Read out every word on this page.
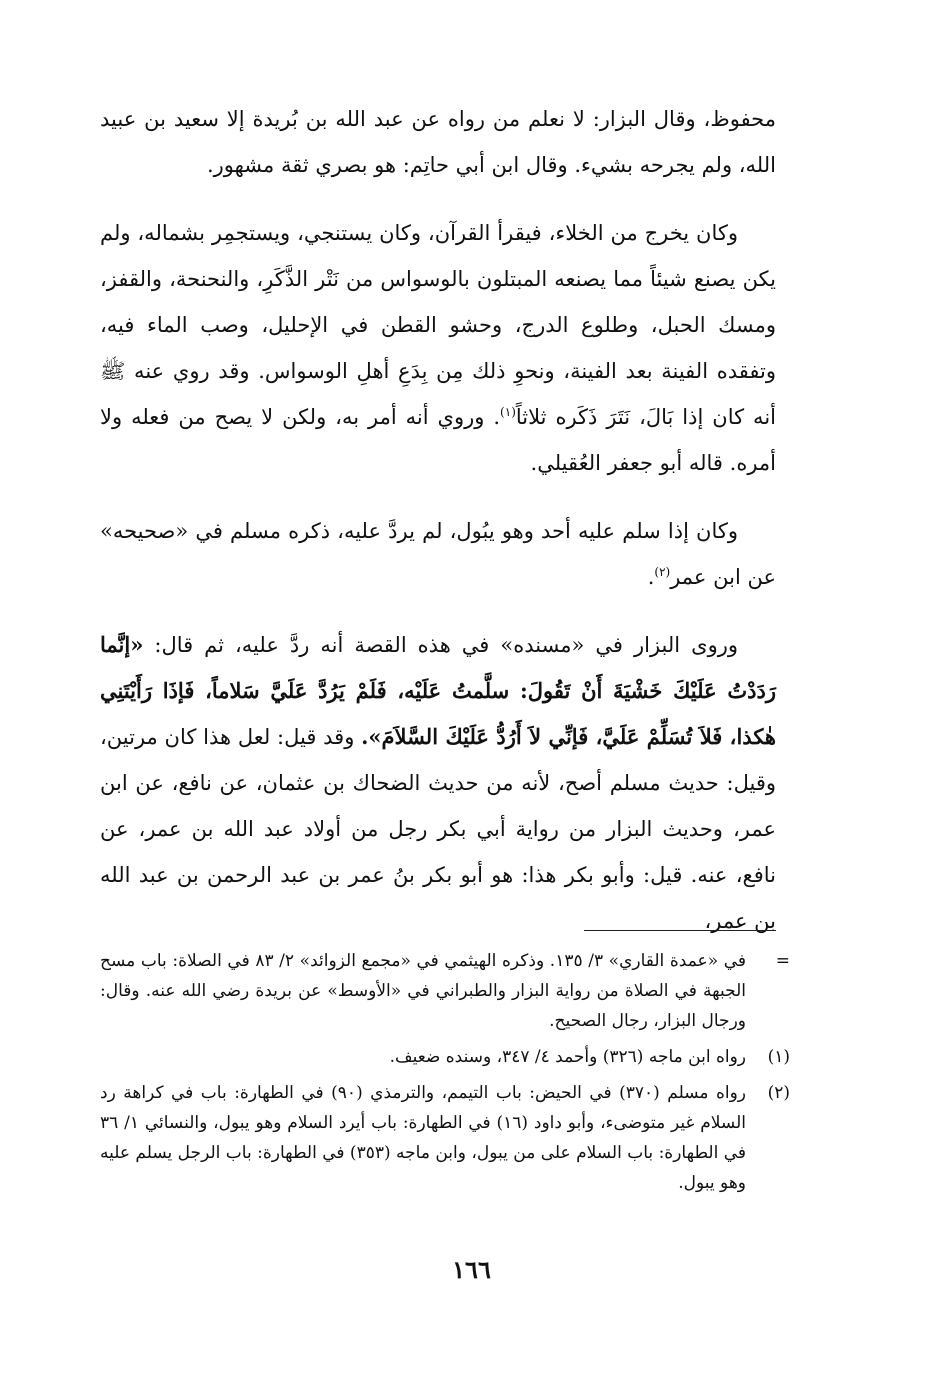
محفوظ، وقال البزار: لا نعلم من رواه عن عبد الله بن بُريدة إلا سعيد بن عبيد الله، ولم يجرحه بشيء. وقال ابن أبي حاتِم: هو بصري ثقة مشهور.

وكان يخرج من الخلاء، فيقرأ القرآن، وكان يستنجي، ويستجمِر بشماله، ولم يكن يصنع شيئاً مما يصنعه المبتلون بالوسواس من نَتْر الذَّكَرِ، والنحنحة، والقفز، ومسك الحبل، وطلوع الدرج، وحشو القطن في الإحليل، وصب الماء فيه، وتفقده الفينة بعد الفينة، ونحوِ ذلك مِن بِدَعِ أهلِ الوسواس. وقد روي عنه ﷺ أنه كان إذا بَالَ، نَتَرَ ذَكَره ثلاثاً$^{(١)}$. وروي أنه أمر به، ولكن لا يصح من فعله ولا أمره. قاله أبو جعفر العُقيلي.

وكان إذا سلم عليه أحد وهو يبُول، لم يردَّ عليه، ذكره مسلم في «صحيحه» عن ابن عمر$^{(٢)}$.

وروى البزار في «مسنده» في هذه القصة أنه ردَّ عليه، ثم قال: «إنَّما رَدَدْتُ عَلَيْكَ خَشْيَةَ أَنْ تَقُولَ: سلَّمتُ عَلَيْه، فَلَمْ يَرُدَّ عَلَيَّ سَلاماً، فَإذَا رَأَيْتَنِي هٰكذا، فَلاَ تُسَلِّمْ عَلَيَّ، فَإنِّي لاَ أَرُدُّ عَلَيْكَ السَّلاَمَ». وقد قيل: لعل هذا كان مرتين، وقيل: حديث مسلم أصح، لأنه من حديث الضحاك بن عثمان، عن نافع، عن ابن عمر، وحديث البزار من رواية أبي بكر رجل من أولاد عبد الله بن عمر، عن نافع، عنه. قيل: وأبو بكر هذا: هو أبو بكر بنُ عمر بن عبد الرحمن بن عبد الله بن عمر،

=
في «عمدة القاري» ٣/ ١٣٥. وذكره الهيثمي في «مجمع الزوائد» ٢/ ٨٣ في الصلاة: باب مسح الجبهة في الصلاة من رواية البزار والطبراني في «الأوسط» عن بريدة رضي الله عنه. وقال: ورجال البزار، رجال الصحيح.
(١)
رواه ابن ماجه (٣٢٦) وأحمد ٤/ ٣٤٧، وسنده ضعيف.
(٢)
رواه مسلم (٣٧٠) في الحيض: باب التيمم، والترمذي (٩٠) في الطهارة: باب في كراهة رد السلام غير متوضىء، وأبو داود (١٦) في الطهارة: باب أيرد السلام وهو يبول، والنسائي ١/ ٣٦ في الطهارة: باب السلام على من يبول، وابن ماجه (٣٥٣) في الطهارة: باب الرجل يسلم عليه وهو يبول.
١٦٦
